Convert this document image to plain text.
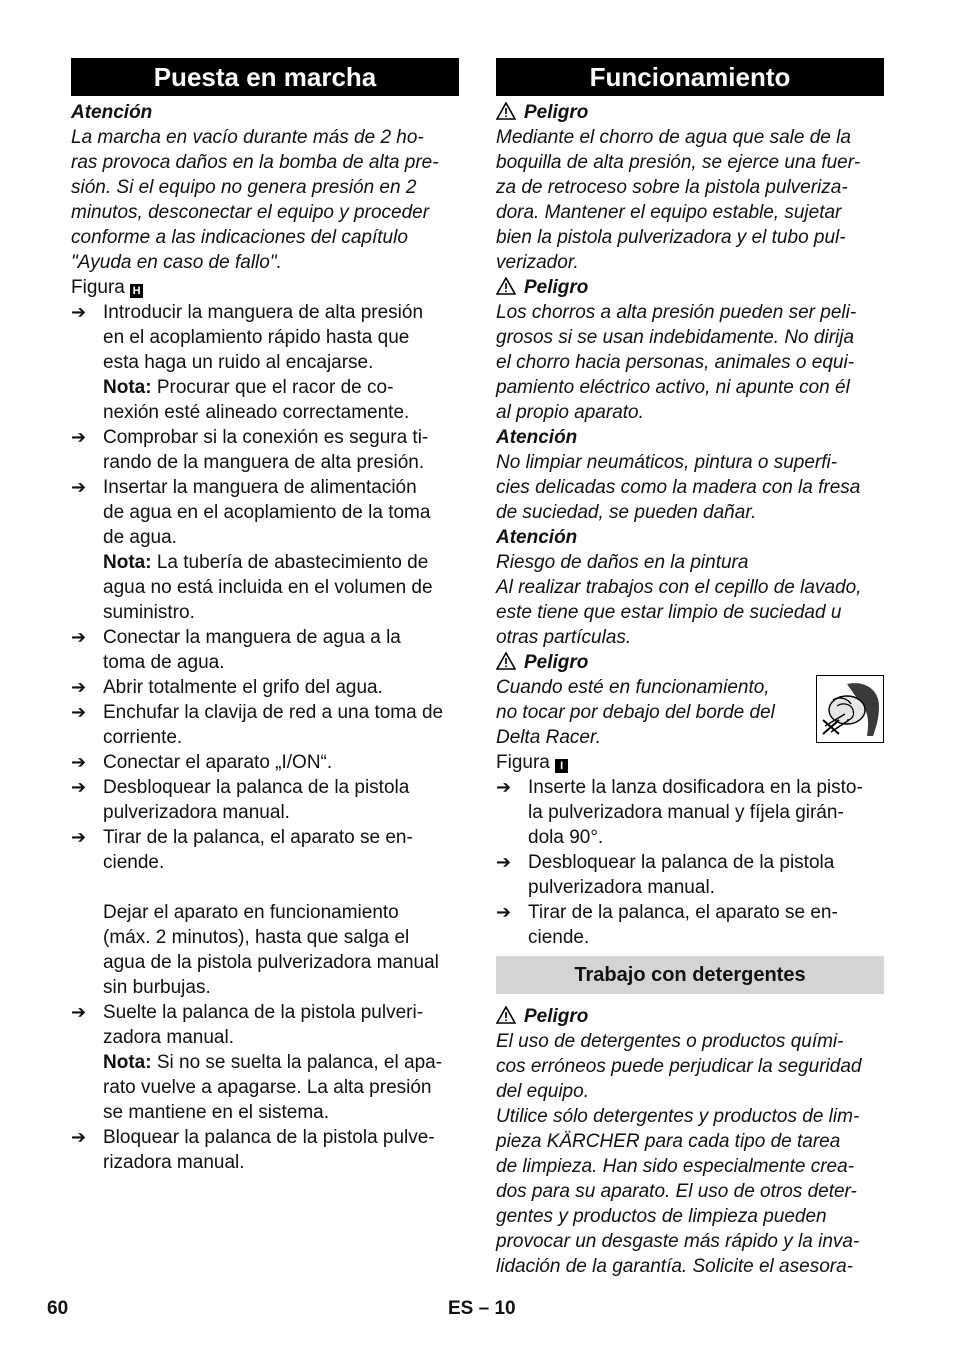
Puesta en marcha
Atención

La marcha en vacío durante más de 2 ho-
ras provoca daños en la bomba de alta pre-
sión. Si el equipo no genera presión en 2
minutos, desconectar el equipo y proceder
conforme a las indicaciones del capítulo
"Ayuda en caso de fallo".

Figura H
➔ Introducir la manguera de alta presión
en el acoplamiento rápido hasta que
esta haga un ruido al encajarse.
Nota: Procurar que el racor de co-
nexión esté alineado correctamente.
➔ Comprobar si la conexión es segura ti-
rando de la manguera de alta presión.
➔ Insertar la manguera de alimentación
de agua en el acoplamiento de la toma
de agua.
Nota: La tubería de abastecimiento de
agua no está incluida en el volumen de
suministro.
➔ Conectar la manguera de agua a la
toma de agua.
➔ Abrir totalmente el grifo del agua.
➔ Enchufar la clavija de red a una toma de
corriente.
➔ Conectar el aparato „I/ON“.
➔ Desbloquear la palanca de la pistola
pulverizadora manual.
➔ Tirar de la palanca, el aparato se en-
ciende.
Dejar el aparato en funcionamiento
(máx. 2 minutos), hasta que salga el
agua de la pistola pulverizadora manual
sin burbujas.
➔ Suelte la palanca de la pistola pulveri-
zadora manual.
Nota: Si no se suelta la palanca, el apa-
rato vuelve a apagarse. La alta presión
se mantiene en el sistema.
➔ Bloquear la palanca de la pistola pulve-
rizadora manual.
Funcionamiento
Peligro

Mediante el chorro de agua que sale de la
boquilla de alta presión, se ejerce una fuer-
za de retroceso sobre la pistola pulveriza-
dora. Mantener el equipo estable, sujetar
bien la pistola pulverizadora y el tubo pul-
verizador.

Peligro

Los chorros a alta presión pueden ser peli-
grosos si se usan indebidamente. No dirija
el chorro hacia personas, animales o equi-
pamiento eléctrico activo, ni apunte con él
al propio aparato.

Atención

No limpiar neumáticos, pintura o superfi-
cies delicadas como la madera con la fresa
de suciedad, se pueden dañar.

Atención

Riesgo de daños en la pintura
Al realizar trabajos con el cepillo de lavado,
este tiene que estar limpio de suciedad u
otras partículas.

Peligro
Cuando esté en funcionamiento,
no tocar por debajo del borde del
Delta Racer.
Figura I
➔ Inserte la lanza dosificadora en la pisto-
la pulverizadora manual y fíjela girán-
dola 90°.
➔ Desbloquear la palanca de la pistola
pulverizadora manual.
➔ Tirar de la palanca, el aparato se en-
ciende.
Trabajo con detergentes
Peligro

El uso de detergentes o productos quími-
cos erróneos puede perjudicar la seguridad
del equipo.
Utilice sólo detergentes y productos de lim-
pieza KÄRCHER para cada tipo de tarea
de limpieza. Han sido especialmente crea-
dos para su aparato. El uso de otros deter-
gentes y productos de limpieza pueden
provocar un desgaste más rápido y la inva-
lidación de la garantía. Solicite el asesora-

60	ES – 10
